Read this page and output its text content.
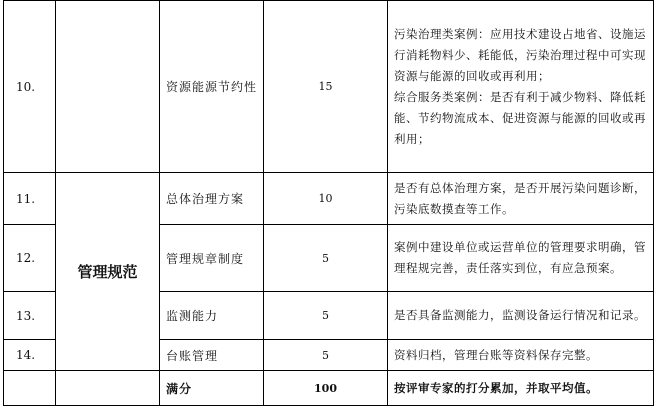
10.		资源能源节约性	15	污染治理类案例：应用技术建设占地省、设施运行消耗物料少、耗能低，污染治理过程中可实现资源与能源的回收或再利用；
综合服务类案例：是否有利于减少物料、降低耗能、节约物流成本、促进资源与能源的回收或再利用；

11.	管理规范	总体治理方案	10	是否有总体治理方案，是否开展污染问题诊断，污染底数摸查等工作。

12.		管理规章制度	5	案例中建设单位或运营单位的管理要求明确，管理程规完善，责任落实到位，有应急预案。

13.		监测能力	5	是否具备监测能力，监测设备运行情况和记录。

14.		台账管理	5	资料归档，管理台账等资料保存完整。

		满分	100	按评审专家的打分累加，并取平均值。
